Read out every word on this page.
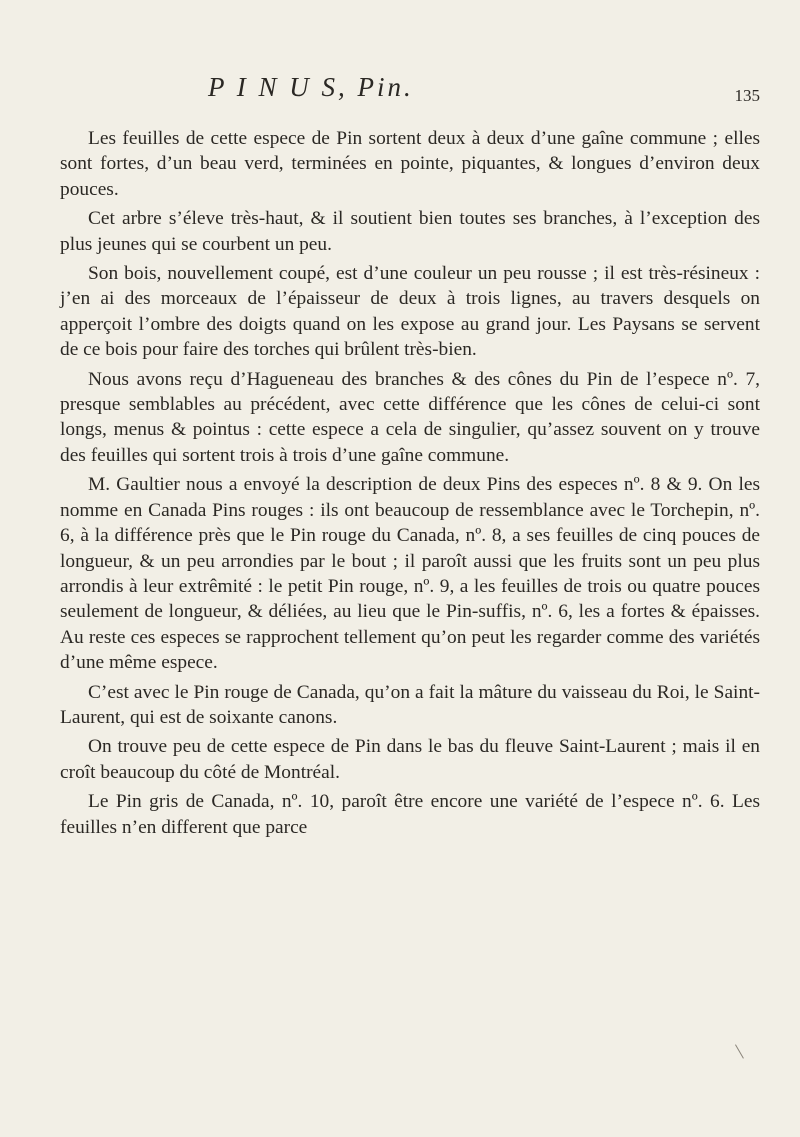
P I N U S, Pin.	135

Les feuilles de cette espece de Pin sortent deux à deux d’une gaîne commune ; elles sont fortes, d’un beau verd, terminées en pointe, piquantes, & longues d’environ deux pouces.

Cet arbre s’éleve très-haut, & il soutient bien toutes ses branches, à l’exception des plus jeunes qui se courbent un peu.

Son bois, nouvellement coupé, est d’une couleur un peu rousse ; il est très-résineux : j’en ai des morceaux de l’épaisseur de deux à trois lignes, au travers desquels on apperçoit l’ombre des doigts quand on les expose au grand jour. Les Paysans se servent de ce bois pour faire des torches qui brûlent très-bien.

Nous avons reçu d’Hagueneau des branches & des cônes du Pin de l’espece nº. 7, presque semblables au précédent, avec cette différence que les cônes de celui-ci sont longs, menus & pointus : cette espece a cela de singulier, qu’assez souvent on y trouve des feuilles qui sortent trois à trois d’une gaîne commune.

M. Gaultier nous a envoyé la description de deux Pins des especes nº. 8 & 9. On les nomme en Canada Pins rouges : ils ont beaucoup de ressemblance avec le Torchepin, nº. 6, à la différence près que le Pin rouge du Canada, nº. 8, a ses feuilles de cinq pouces de longueur, & un peu arrondies par le bout ; il paroît aussi que les fruits sont un peu plus arrondis à leur extrêmité : le petit Pin rouge, nº. 9, a les feuilles de trois ou quatre pouces seulement de longueur, & déliées, au lieu que le Pin-suffis, nº. 6, les a fortes & épaisses. Au reste ces especes se rapprochent tellement qu’on peut les regarder comme des variétés d’une même espece.

C’est avec le Pin rouge de Canada, qu’on a fait la mâture du vaisseau du Roi, le Saint-Laurent, qui est de soixante canons.

On trouve peu de cette espece de Pin dans le bas du fleuve Saint-Laurent ; mais il en croît beaucoup du côté de Montréal.

Le Pin gris de Canada, nº. 10, paroît être encore une variété de l’espece nº. 6. Les feuilles n’en different que parce
